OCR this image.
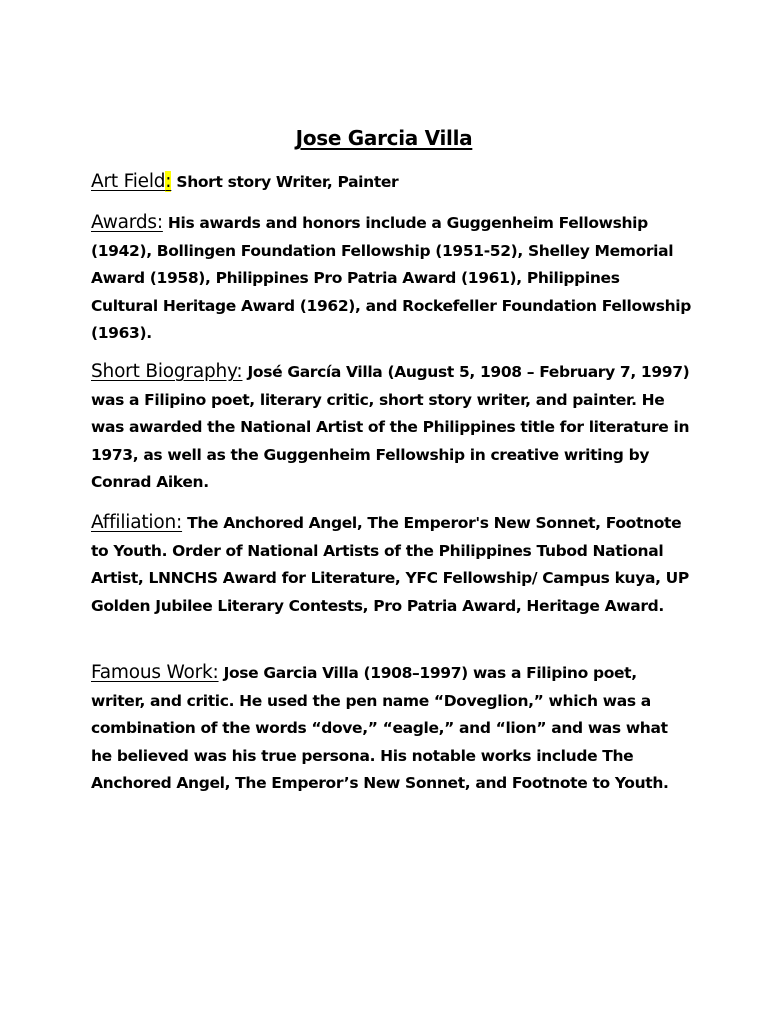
Jose Garcia Villa
Art Field: Short story Writer, Painter
Awards: His awards and honors include a Guggenheim Fellowship (1942), Bollingen Foundation Fellowship (1951-52), Shelley Memorial Award (1958), Philippines Pro Patria Award (1961), Philippines Cultural Heritage Award (1962), and Rockefeller Foundation Fellowship (1963).
Short Biography: José García Villa (August 5, 1908 – February 7, 1997) was a Filipino poet, literary critic, short story writer, and painter. He was awarded the National Artist of the Philippines title for literature in 1973, as well as the Guggenheim Fellowship in creative writing by Conrad Aiken.
Affiliation: The Anchored Angel, The Emperor's New Sonnet, Footnote to Youth. Order of National Artists of the Philippines Tubod National Artist, LNNCHS Award for Literature, YFC Fellowship/ Campus kuya, UP Golden Jubilee Literary Contests, Pro Patria Award, Heritage Award.
Famous Work: Jose Garcia Villa (1908–1997) was a Filipino poet, writer, and critic. He used the pen name “Doveglion,” which was a combination of the words “dove,” “eagle,” and “lion” and was what he believed was his true persona. His notable works include The Anchored Angel, The Emperor’s New Sonnet, and Footnote to Youth.
